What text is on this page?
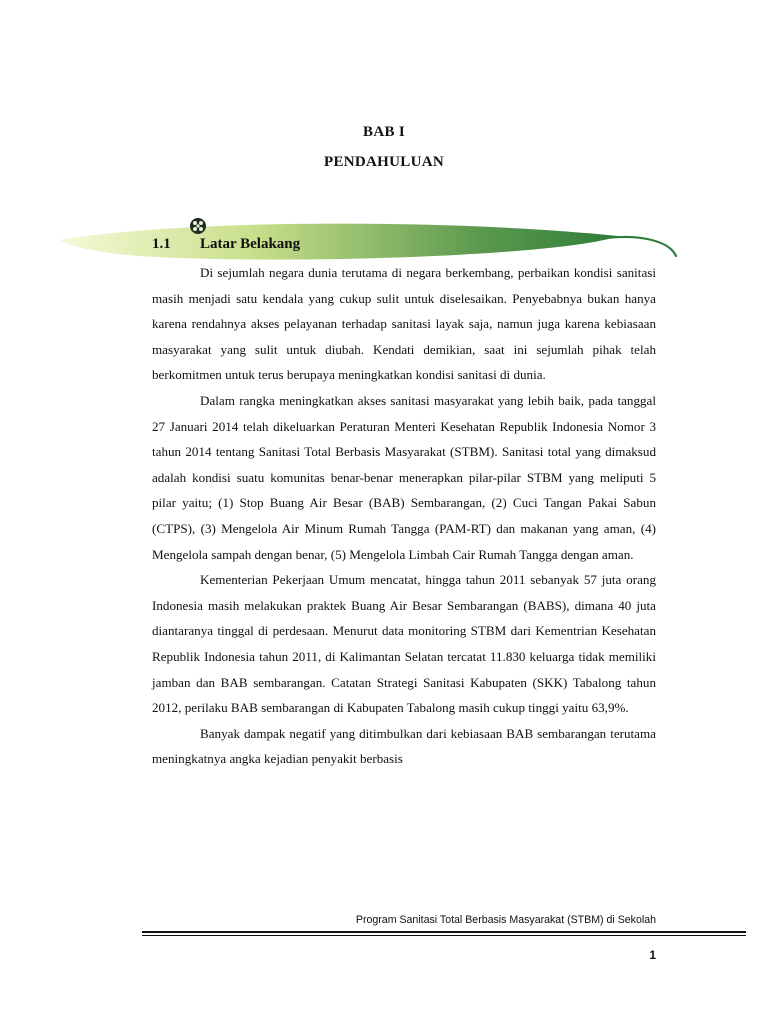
BAB I
PENDAHULUAN
1.1	Latar Belakang

Di sejumlah negara dunia terutama di negara berkembang, perbaikan kondisi sanitasi masih menjadi satu kendala yang cukup sulit untuk diselesaikan. Penyebabnya bukan hanya karena rendahnya akses pelayanan terhadap sanitasi layak saja, namun juga karena kebiasaan masyarakat yang sulit untuk diubah. Kendati demikian, saat ini sejumlah pihak telah berkomitmen untuk terus berupaya meningkatkan kondisi sanitasi di dunia.

Dalam rangka meningkatkan akses sanitasi masyarakat yang lebih baik, pada tanggal 27 Januari 2014 telah dikeluarkan Peraturan Menteri Kesehatan Republik Indonesia Nomor 3 tahun 2014 tentang Sanitasi Total Berbasis Masyarakat (STBM). Sanitasi total yang dimaksud adalah kondisi suatu komunitas benar-benar menerapkan pilar-pilar STBM yang meliputi 5 pilar yaitu; (1) Stop Buang Air Besar (BAB) Sembarangan, (2) Cuci Tangan Pakai Sabun (CTPS), (3) Mengelola Air Minum Rumah Tangga (PAM-RT) dan makanan yang aman, (4) Mengelola sampah dengan benar, (5) Mengelola Limbah Cair Rumah Tangga dengan aman.

Kementerian Pekerjaan Umum mencatat, hingga tahun 2011 sebanyak 57 juta orang Indonesia masih melakukan praktek Buang Air Besar Sembarangan (BABS), dimana 40 juta diantaranya tinggal di perdesaan. Menurut data monitoring STBM dari Kementrian Kesehatan Republik Indonesia tahun 2011, di Kalimantan Selatan tercatat 11.830 keluarga tidak memiliki jamban dan BAB sembarangan. Catatan Strategi Sanitasi Kabupaten (SKK) Tabalong tahun 2012, perilaku BAB sembarangan di Kabupaten Tabalong masih cukup tinggi yaitu 63,9%.

Banyak dampak negatif yang ditimbulkan dari kebiasaan BAB sembarangan terutama meningkatnya angka kejadian penyakit berbasis

Program Sanitasi Total Berbasis Masyarakat (STBM) di Sekolah
1
